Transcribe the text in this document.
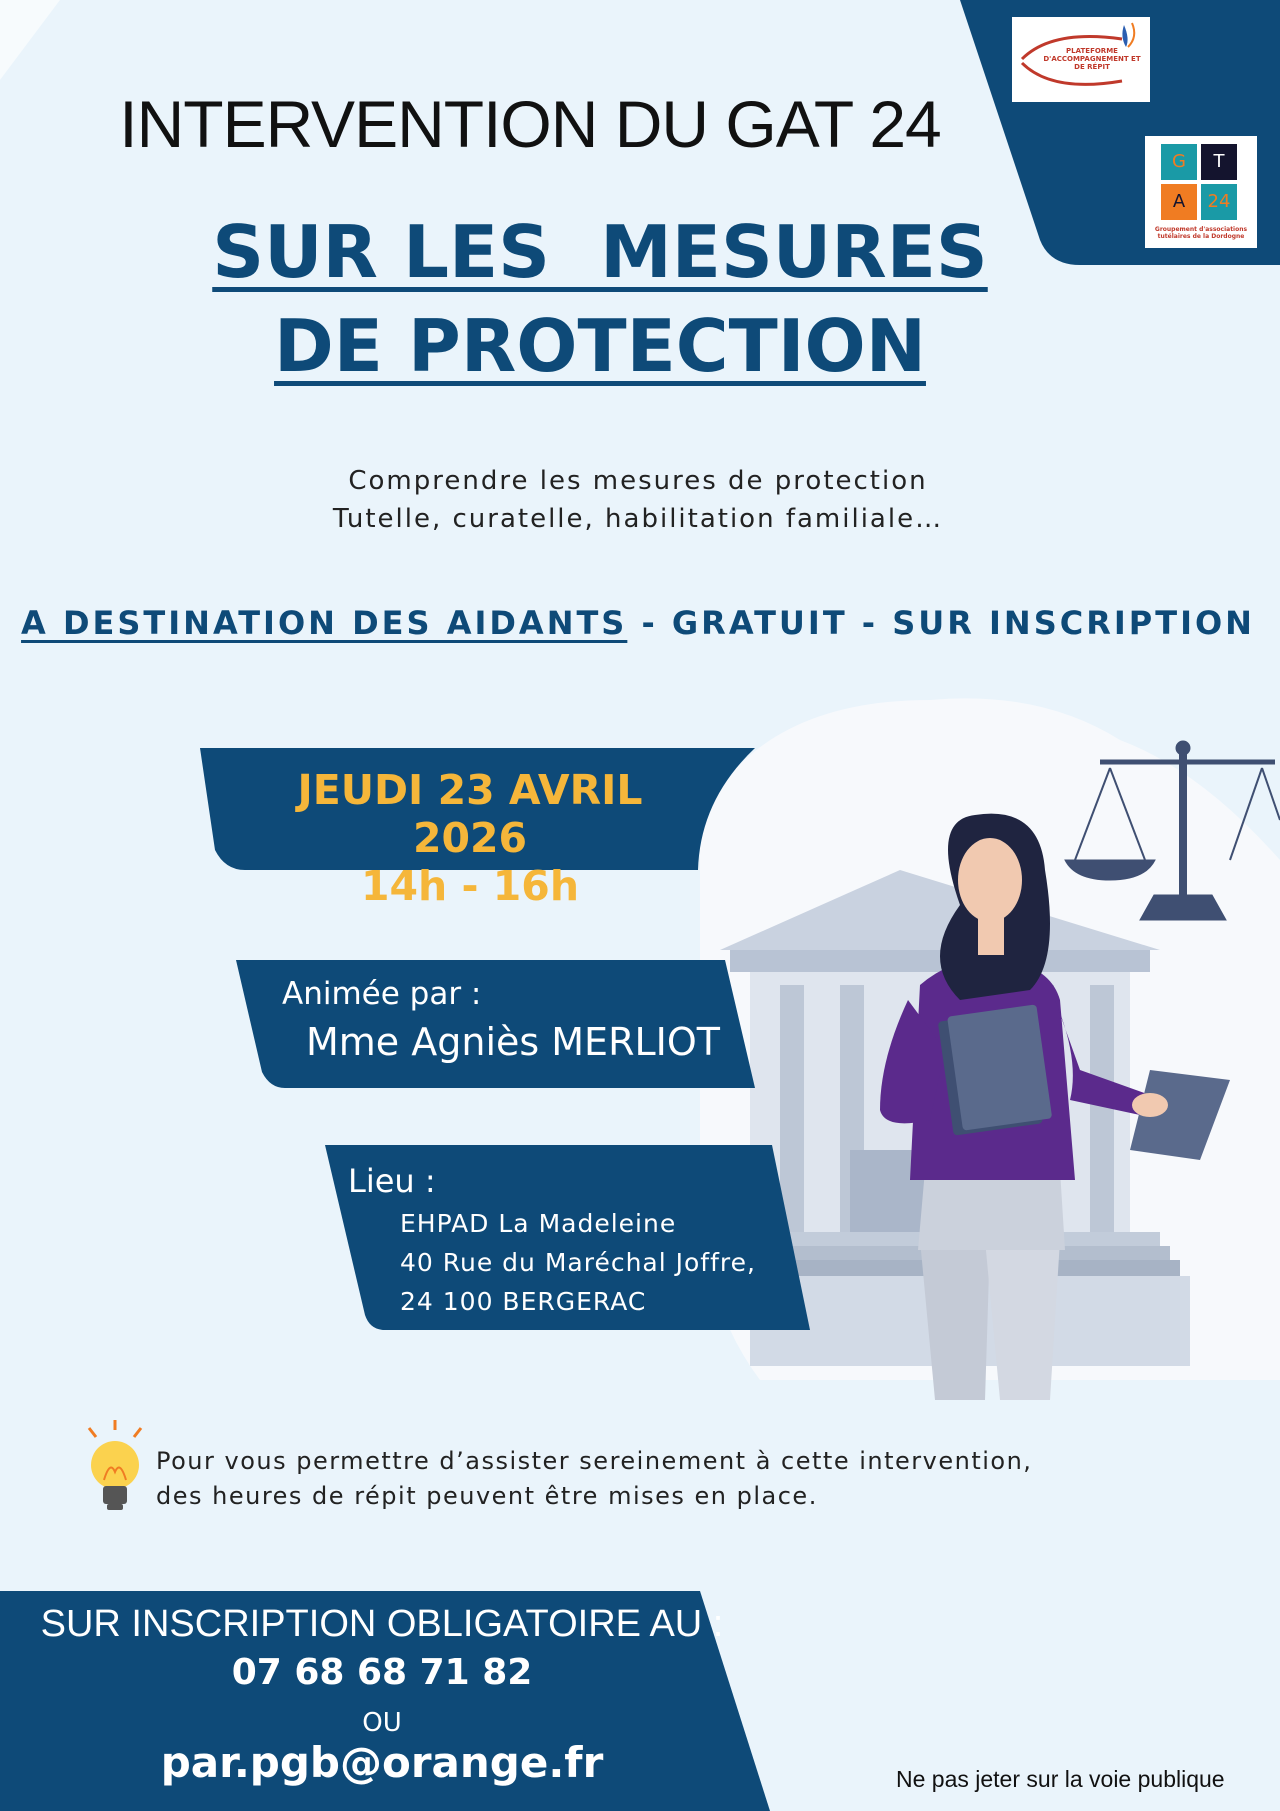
PLATEFORME D'ACCOMPAGNEMENT ET DE RÉPIT
G	T
A	24
Groupement d'associations tutélaires de la Dordogne
INTERVENTION DU GAT 24
SUR LES  MESURES
DE PROTECTION
Comprendre les mesures de protection
Tutelle, curatelle, habilitation familiale…
A DESTINATION DES AIDANTS - GRATUIT - SUR INSCRIPTION
JEUDI 23 AVRIL 2026
14h - 16h
Animée par :
Mme Agniès MERLIOT
Lieu :
EHPAD La Madeleine
40 Rue du Maréchal Joffre,
24 100 BERGERAC
Pour vous permettre d’assister sereinement à cette intervention,
des heures de répit peuvent être mises en place.
SUR INSCRIPTION OBLIGATOIRE AU :
07 68 68 71 82
OU
par.pgb@orange.fr	Ne pas jeter sur la voie publique
